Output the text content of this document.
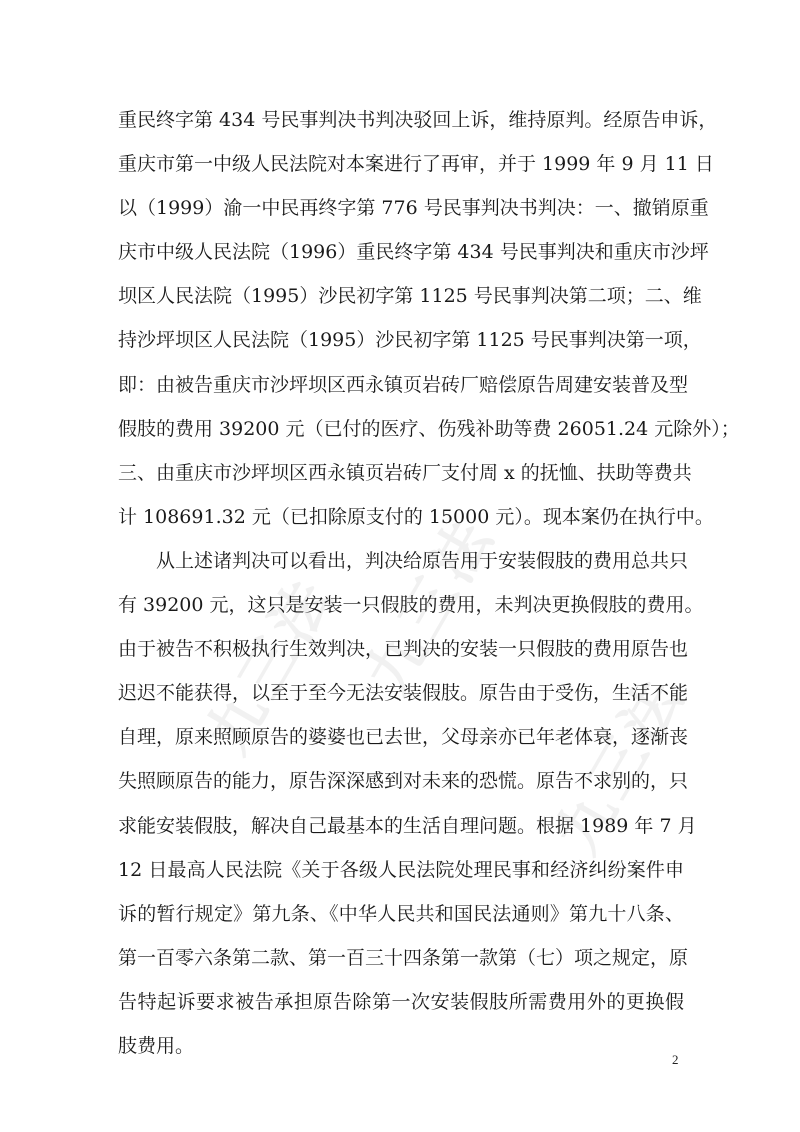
九三法	九三法
九三法
重民终字第 434 号民事判决书判决驳回上诉，维持原判。经原告申诉，
重庆市第一中级人民法院对本案进行了再审，并于 1999 年 9 月 11 日
以（1999）渝一中民再终字第 776 号民事判决书判决：一、撤销原重
庆市中级人民法院（1996）重民终字第 434 号民事判决和重庆市沙坪
坝区人民法院（1995）沙民初字第 1125 号民事判决第二项；二、维
持沙坪坝区人民法院（1995）沙民初字第 1125 号民事判决第一项，
即：由被告重庆市沙坪坝区西永镇页岩砖厂赔偿原告周建安装普及型
假肢的费用 39200 元（已付的医疗、伤残补助等费 26051.24 元除外）；
三、由重庆市沙坪坝区西永镇页岩砖厂支付周 x 的抚恤、扶助等费共
计 108691.32 元（已扣除原支付的 15000 元）。现本案仍在执行中。
从上述诸判决可以看出，判决给原告用于安装假肢的费用总共只
有 39200 元，这只是安装一只假肢的费用，未判决更换假肢的费用。
由于被告不积极执行生效判决，已判决的安装一只假肢的费用原告也
迟迟不能获得，以至于至今无法安装假肢。原告由于受伤，生活不能
自理，原来照顾原告的婆婆也已去世，父母亲亦已年老体衰，逐渐丧
失照顾原告的能力，原告深深感到对未来的恐慌。原告不求别的，只
求能安装假肢，解决自己最基本的生活自理问题。根据 1989 年 7 月
12 日最高人民法院《关于各级人民法院处理民事和经济纠纷案件申
诉的暂行规定》第九条、《中华人民共和国民法通则》第九十八条、
第一百零六条第二款、第一百三十四条第一款第（七）项之规定，原
告特起诉要求被告承担原告除第一次安装假肢所需费用外的更换假
肢费用。
2
